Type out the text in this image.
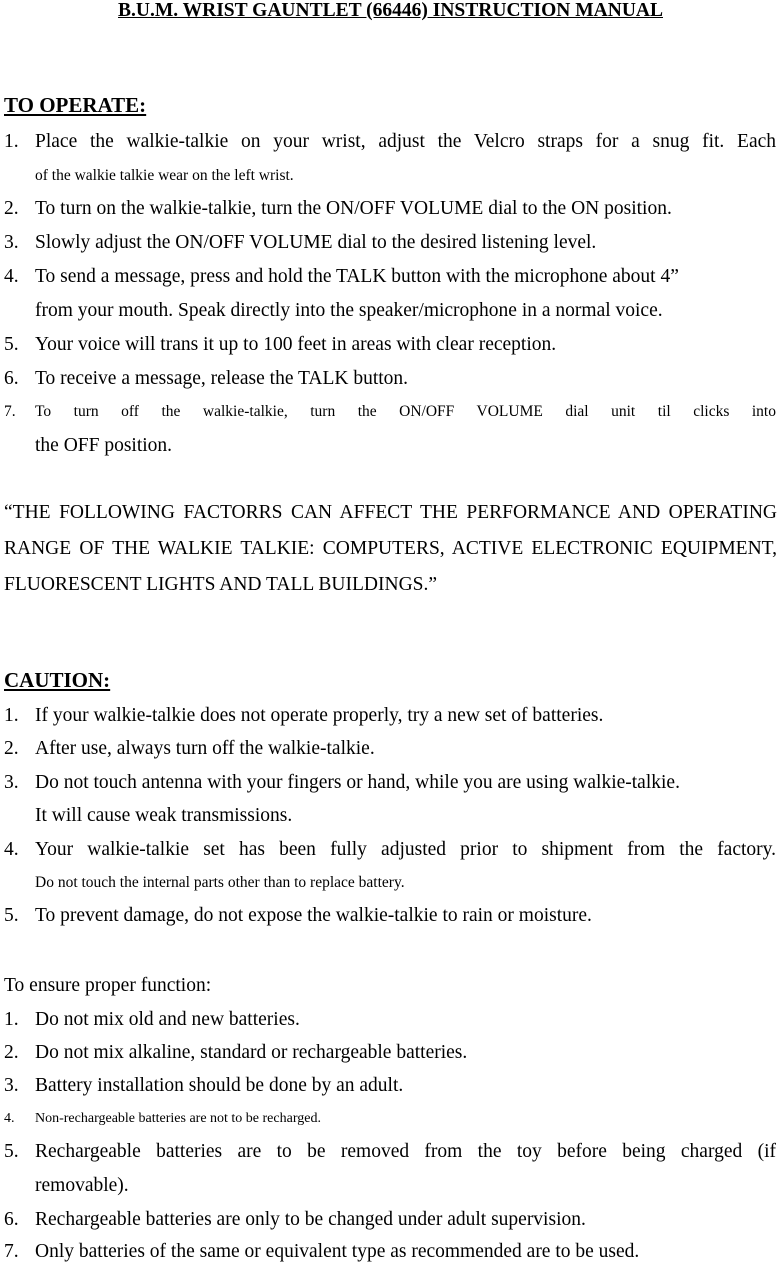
B.U.M. WRIST GAUNTLET (66446) INSTRUCTION MANUAL
TO OPERATE:
1. Place the walkie-talkie on your wrist, adjust the Velcro straps for a snug fit. Each
of the walkie talkie wear on the left wrist.
2. To turn on the walkie-talkie, turn the ON/OFF VOLUME dial to the ON position.
3. Slowly adjust the ON/OFF VOLUME dial to the desired listening level.
4. To send a message, press and hold the TALK button with the microphone about 4”
from your mouth. Speak directly into the speaker/microphone in a normal voice.
5. Your voice will trans it up to 100 feet in areas with clear reception.
6. To receive a message, release the TALK button.
7.	To turn off the walkie-talkie, turn the ON/OFF VOLUME dial unit til clicks into
the OFF position.
“THE FOLLOWING FACTORRS CAN AFFECT THE PERFORMANCE AND OPERATING RANGE OF THE WALKIE TALKIE: COMPUTERS, ACTIVE ELECTRONIC EQUIPMENT, FLUORESCENT LIGHTS AND TALL BUILDINGS.”
CAUTION:
1. If your walkie-talkie does not operate properly, try a new set of batteries.
2. After use, always turn off the walkie-talkie.
3. Do not touch antenna with your fingers or hand, while you are using walkie-talkie.
It will cause weak transmissions.
4. Your walkie-talkie set has been fully adjusted prior to shipment from the factory.
Do not touch the internal parts other than to replace battery.
5. To prevent damage, do not expose the walkie-talkie to rain or moisture.
To ensure proper function:
1. Do not mix old and new batteries.
2. Do not mix alkaline, standard or rechargeable batteries.
3. Battery installation should be done by an adult.
4.	Non-rechargeable batteries are not to be recharged.
5. Rechargeable batteries are to be removed from the toy before being charged (if
removable).
6. Rechargeable batteries are only to be changed under adult supervision.
7. Only batteries of the same or equivalent type as recommended are to be used.
